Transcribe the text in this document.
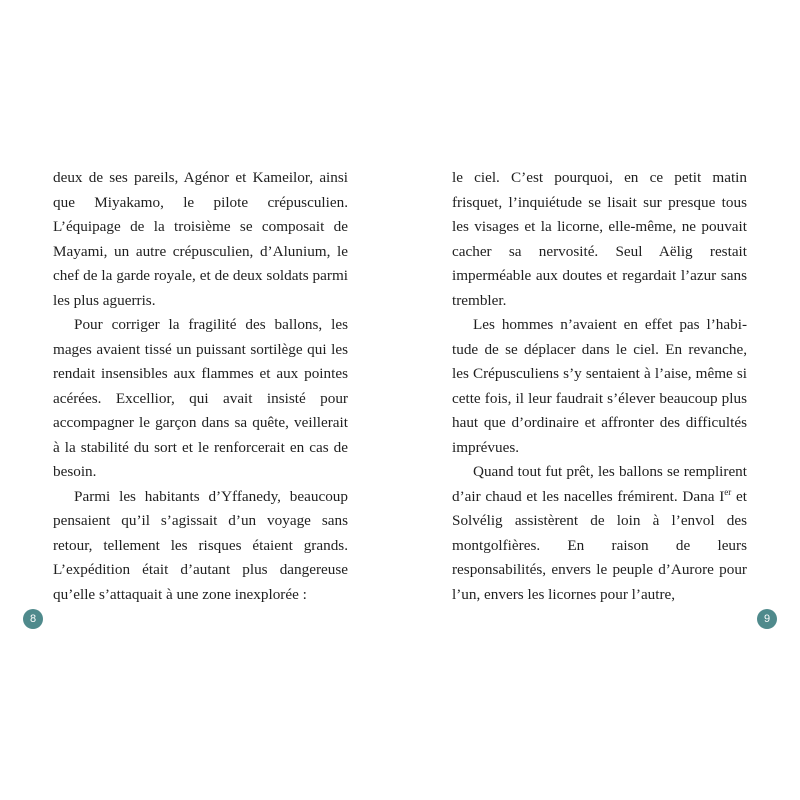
deux de ses pareils, Agénor et Kameilor, ainsi que Miyakamo, le pilote crépusculien. L’équipage de la troisième se composait de Mayami, un autre crépusculien, d’Alunium, le chef de la garde royale, et de deux soldats parmi les plus aguerris.

Pour corriger la fragilité des ballons, les mages avaient tissé un puissant sortilège qui les rendait insensibles aux flammes et aux pointes acérées. Excellior, qui avait insisté pour accompagner le garçon dans sa quête, veillerait à la stabilité du sort et le renforcerait en cas de besoin.

Parmi les habitants d’Yffanedy, beaucoup pensaient qu’il s’agissait d’un voyage sans retour, tellement les risques étaient grands. L’expédition était d’autant plus dangereuse qu’elle s’attaquait à une zone inexplorée :

le ciel. C’est pourquoi, en ce petit matin frisquet, l’inquiétude se lisait sur presque tous les visages et la licorne, elle-même, ne pouvait cacher sa nervosité. Seul Aëlig restait imperméable aux doutes et regardait l’azur sans trembler.

Les hommes n’avaient en effet pas l’habitude de se déplacer dans le ciel. En revanche, les Crépusculiens s’y sentaient à l’aise, même si cette fois, il leur faudrait s’élever beaucoup plus haut que d’ordinaire et affronter des difficultés imprévues.

Quand tout fut prêt, les ballons se remplirent d’air chaud et les nacelles frémirent. Dana Ier et Solvélig assistèrent de loin à l’envol des montgolfières. En raison de leurs responsabilités, envers le peuple d’Aurore pour l’un, envers les licornes pour l’autre,

8	9
